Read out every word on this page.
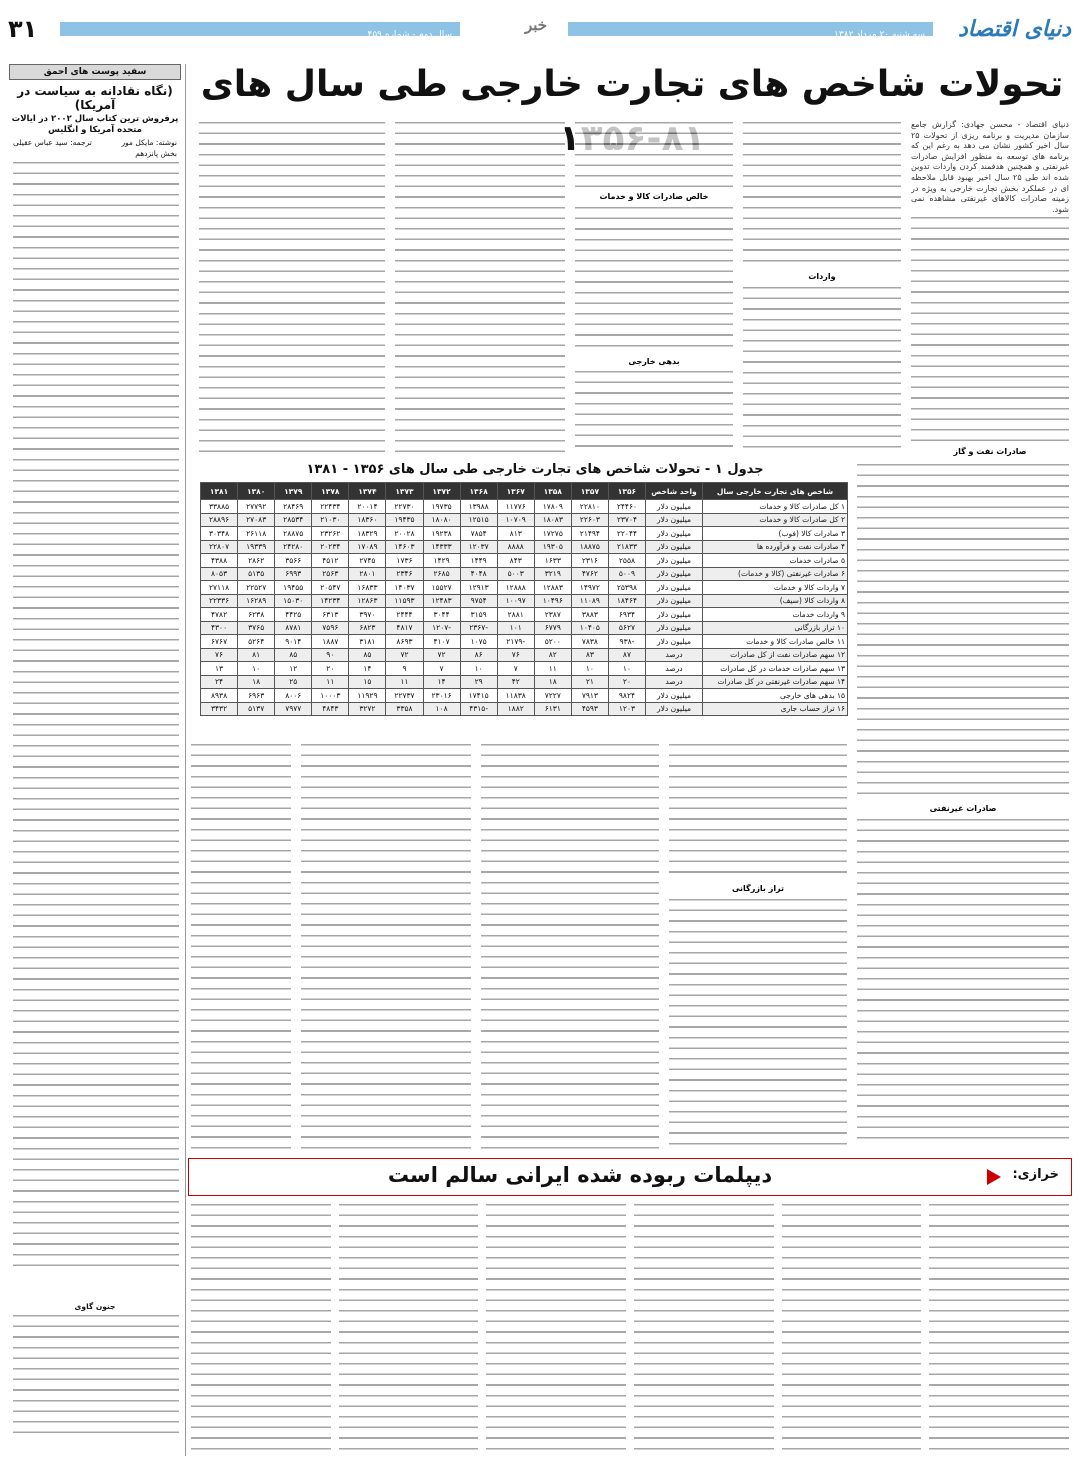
دنیای اقتصاد
سه شنبه ۲۰ مرداد ۱۳۸۲
خبر
سال دوم - شماره ۴۵۹
۳۱
تحولات شاخص های تجارت خارجی طی سال های
دنیای اقتصاد - محسن جهادی: گزارش جامع سازمان مدیریت و برنامه ریزی از تحولات ۲۵ سال اخیر کشور نشان می دهد به رغم این که برنامه های توسعه به منظور افزایش صادرات غیرنفتی و همچنین هدفمند کردن واردات تدوین شده اند طی ۲۵ سال اخیر بهبود قابل ملاحظه ای در عملکرد بخش تجارت خارجی به ویژه در زمینه صادرات کالاهای غیرنفتی مشاهده نمی شود.
صادرات نفت و گاز
واردات
خالص صادرات کالا و خدمات
بدهی خارجی
صادرات غیرنفتی
جدول ۱ - تحولات شاخص های تجارت خارجی طی سال های ۱۳۵۶ - ۱۳۸۱
شاخص های تجارت خارجی سال	واحد شاخص	۱۳۵۶	۱۳۵۷	۱۳۵۸	۱۳۶۷	۱۳۶۸	۱۳۷۲	۱۳۷۳	۱۳۷۴	۱۳۷۸	۱۳۷۹	۱۳۸۰	۱۳۸۱
۱ کل صادرات کالا و خدمات	میلیون دلار	۲۴۴۶۰	۲۲۸۱۰	۱۷۸۰۹	۱۱۷۷۶	۱۳۹۸۸	۱۹۷۳۵	۲۲۷۳۰	۲۰۰۱۴	۲۲۴۳۴	۲۸۴۶۹	۲۷۷۹۲	۳۳۸۸۵
۲ کل صادرات کالا و خدمات	میلیون دلار	۲۳۷۰۴	۲۲۶۰۳	۱۸۰۸۳	۱۰۷۰۹	۱۲۵۱۵	۱۸۰۸۰	۱۹۴۳۵	۱۸۳۶۰	۲۱۰۳۰	۲۸۵۳۴	۲۷۰۸۳	۲۸۸۹۶
۳ صادرات کالا (فوب)	میلیون دلار	۲۲۰۴۴	۲۱۴۹۴	۱۷۲۷۵	۸۱۳	۷۸۵۴	۱۹۲۳۸	۲۰۰۲۸	۱۸۳۲۹	۲۳۲۶۲	۲۸۸۷۵	۲۶۱۱۸	۳۰۳۴۸
۴ صادرات نفت و فرآورده ها	میلیون دلار	۲۱۸۳۳	۱۸۸۷۵	۱۹۳۰۵	۸۸۸۸	۱۲۰۳۷	۱۴۳۳۳	۱۴۶۰۳	۱۷۰۸۹	۲۰۲۳۴	۲۴۲۸۰	۱۹۳۳۹	۲۲۸۰۷
۵ صادرات خدمات	میلیون دلار	۲۵۵۸	۲۳۱۶	۱۶۳۳	۸۴۳	۱۴۴۹	۱۴۲۹	۱۷۳۶	۲۷۴۵	۴۵۱۲	۳۵۶۶	۲۸۶۲	۴۳۸۸
۶ صادرات غیرنفتی (کالا و خدمات)	میلیون دلار	۵۰۰۹	۴۷۶۲	۳۲۱۹	۵۰۰۳	۴۰۴۸	۲۶۸۵	۲۳۴۶	۲۸۰۱	۲۵۶۳	۶۹۹۳	۵۱۳۵	۸۰۵۳
۷ واردات کالا و خدمات	میلیون دلار	۲۵۳۹۸	۱۴۹۷۲	۱۲۸۸۳	۱۲۸۸۸	۱۲۹۱۳	۱۵۵۲۷	۱۴۰۳۷	۱۶۸۳۳	۲۰۵۴۷	۱۹۴۵۵	۲۲۵۲۷	۲۷۱۱۸
۸ واردات کالا (سیف)	میلیون دلار	۱۸۴۶۴	۱۱۰۸۹	۱۰۴۹۶	۱۰۰۹۷	۹۷۵۴	۱۲۴۸۳	۱۱۵۹۳	۱۲۸۶۳	۱۴۲۳۴	۱۵۰۳۰	۱۶۲۸۹	۲۲۳۳۶
۹ واردات خدمات	میلیون دلار	۶۹۳۴	۳۸۸۳	۲۳۸۷	۲۸۸۱	۳۱۵۹	۳۰۴۴	۲۴۴۴	۳۹۷۰	۶۳۱۳	۴۴۲۵	۶۲۳۸	۴۷۸۲
۱۰ تراز بازرگانی	میلیون دلار	۵۶۲۷	۱۰۴۰۵	۶۷۷۹	۱۰۱	-۲۳۶۷	-۱۲۰۷	۴۸۱۷	۶۸۲۳	۷۵۹۶	۸۷۸۱	۳۷۶۵	۴۳۰۰
۱۱ خالص صادرات کالا و خدمات	میلیون دلار	-۹۳۸	۷۸۳۸	۵۲۰۰	-۲۱۷۹	۱۰۷۵	۴۱۰۷	۸۶۹۳	۳۱۸۱	۱۸۸۷	۹۰۱۴	۵۲۶۴	۶۷۶۷
۱۲ سهم صادرات نفت از کل صادرات	درصد	۸۷	۸۳	۸۲	۷۶	۸۶	۷۲	۷۲	۸۵	۹۰	۸۵	۸۱	۷۶
۱۳ سهم صادرات خدمات در کل صادرات	درصد	۱۰	۱۰	۱۱	۷	۱۰	۷	۹	۱۴	۲۰	۱۲	۱۰	۱۳
۱۴ سهم صادرات غیرنفتی در کل صادرات	درصد	۲۰	۲۱	۱۸	۴۲	۲۹	۱۴	۱۱	۱۵	۱۱	۲۵	۱۸	۲۴
۱۵ بدهی های خارجی	میلیون دلار	۹۸۲۴	۷۹۱۳	۷۲۲۷	۱۱۸۳۸	۱۷۴۱۵	۲۳۰۱۶	۲۲۷۳۷	۱۱۹۲۹	۱۰۰۰۳	۸۰۰۶	۶۹۶۳	۸۹۳۸
۱۶ تراز حساب جاری	میلیون دلار	۱۲۰۳	۴۵۹۳	۶۱۳۱	۱۸۸۲	-۴۳۱۵	۱۰۸	۳۳۵۸	۳۲۷۲	۴۸۴۳	۷۹۷۷	۵۱۳۷	۳۴۳۲
تراز بازرگانی
خرازی:
دیپلمات ربوده شده ایرانی سالم است
سفید پوست های احمق
(نگاه نقادانه به سیاست در آمریکا)
پرفروش ترین کتاب سال ۲۰۰۲ در ایالات متحده آمریکا و انگلیس
نوشته: مایکل مور
ترجمه: سید عباس عقیلی
بخش پانزدهم
جنون گاوی
